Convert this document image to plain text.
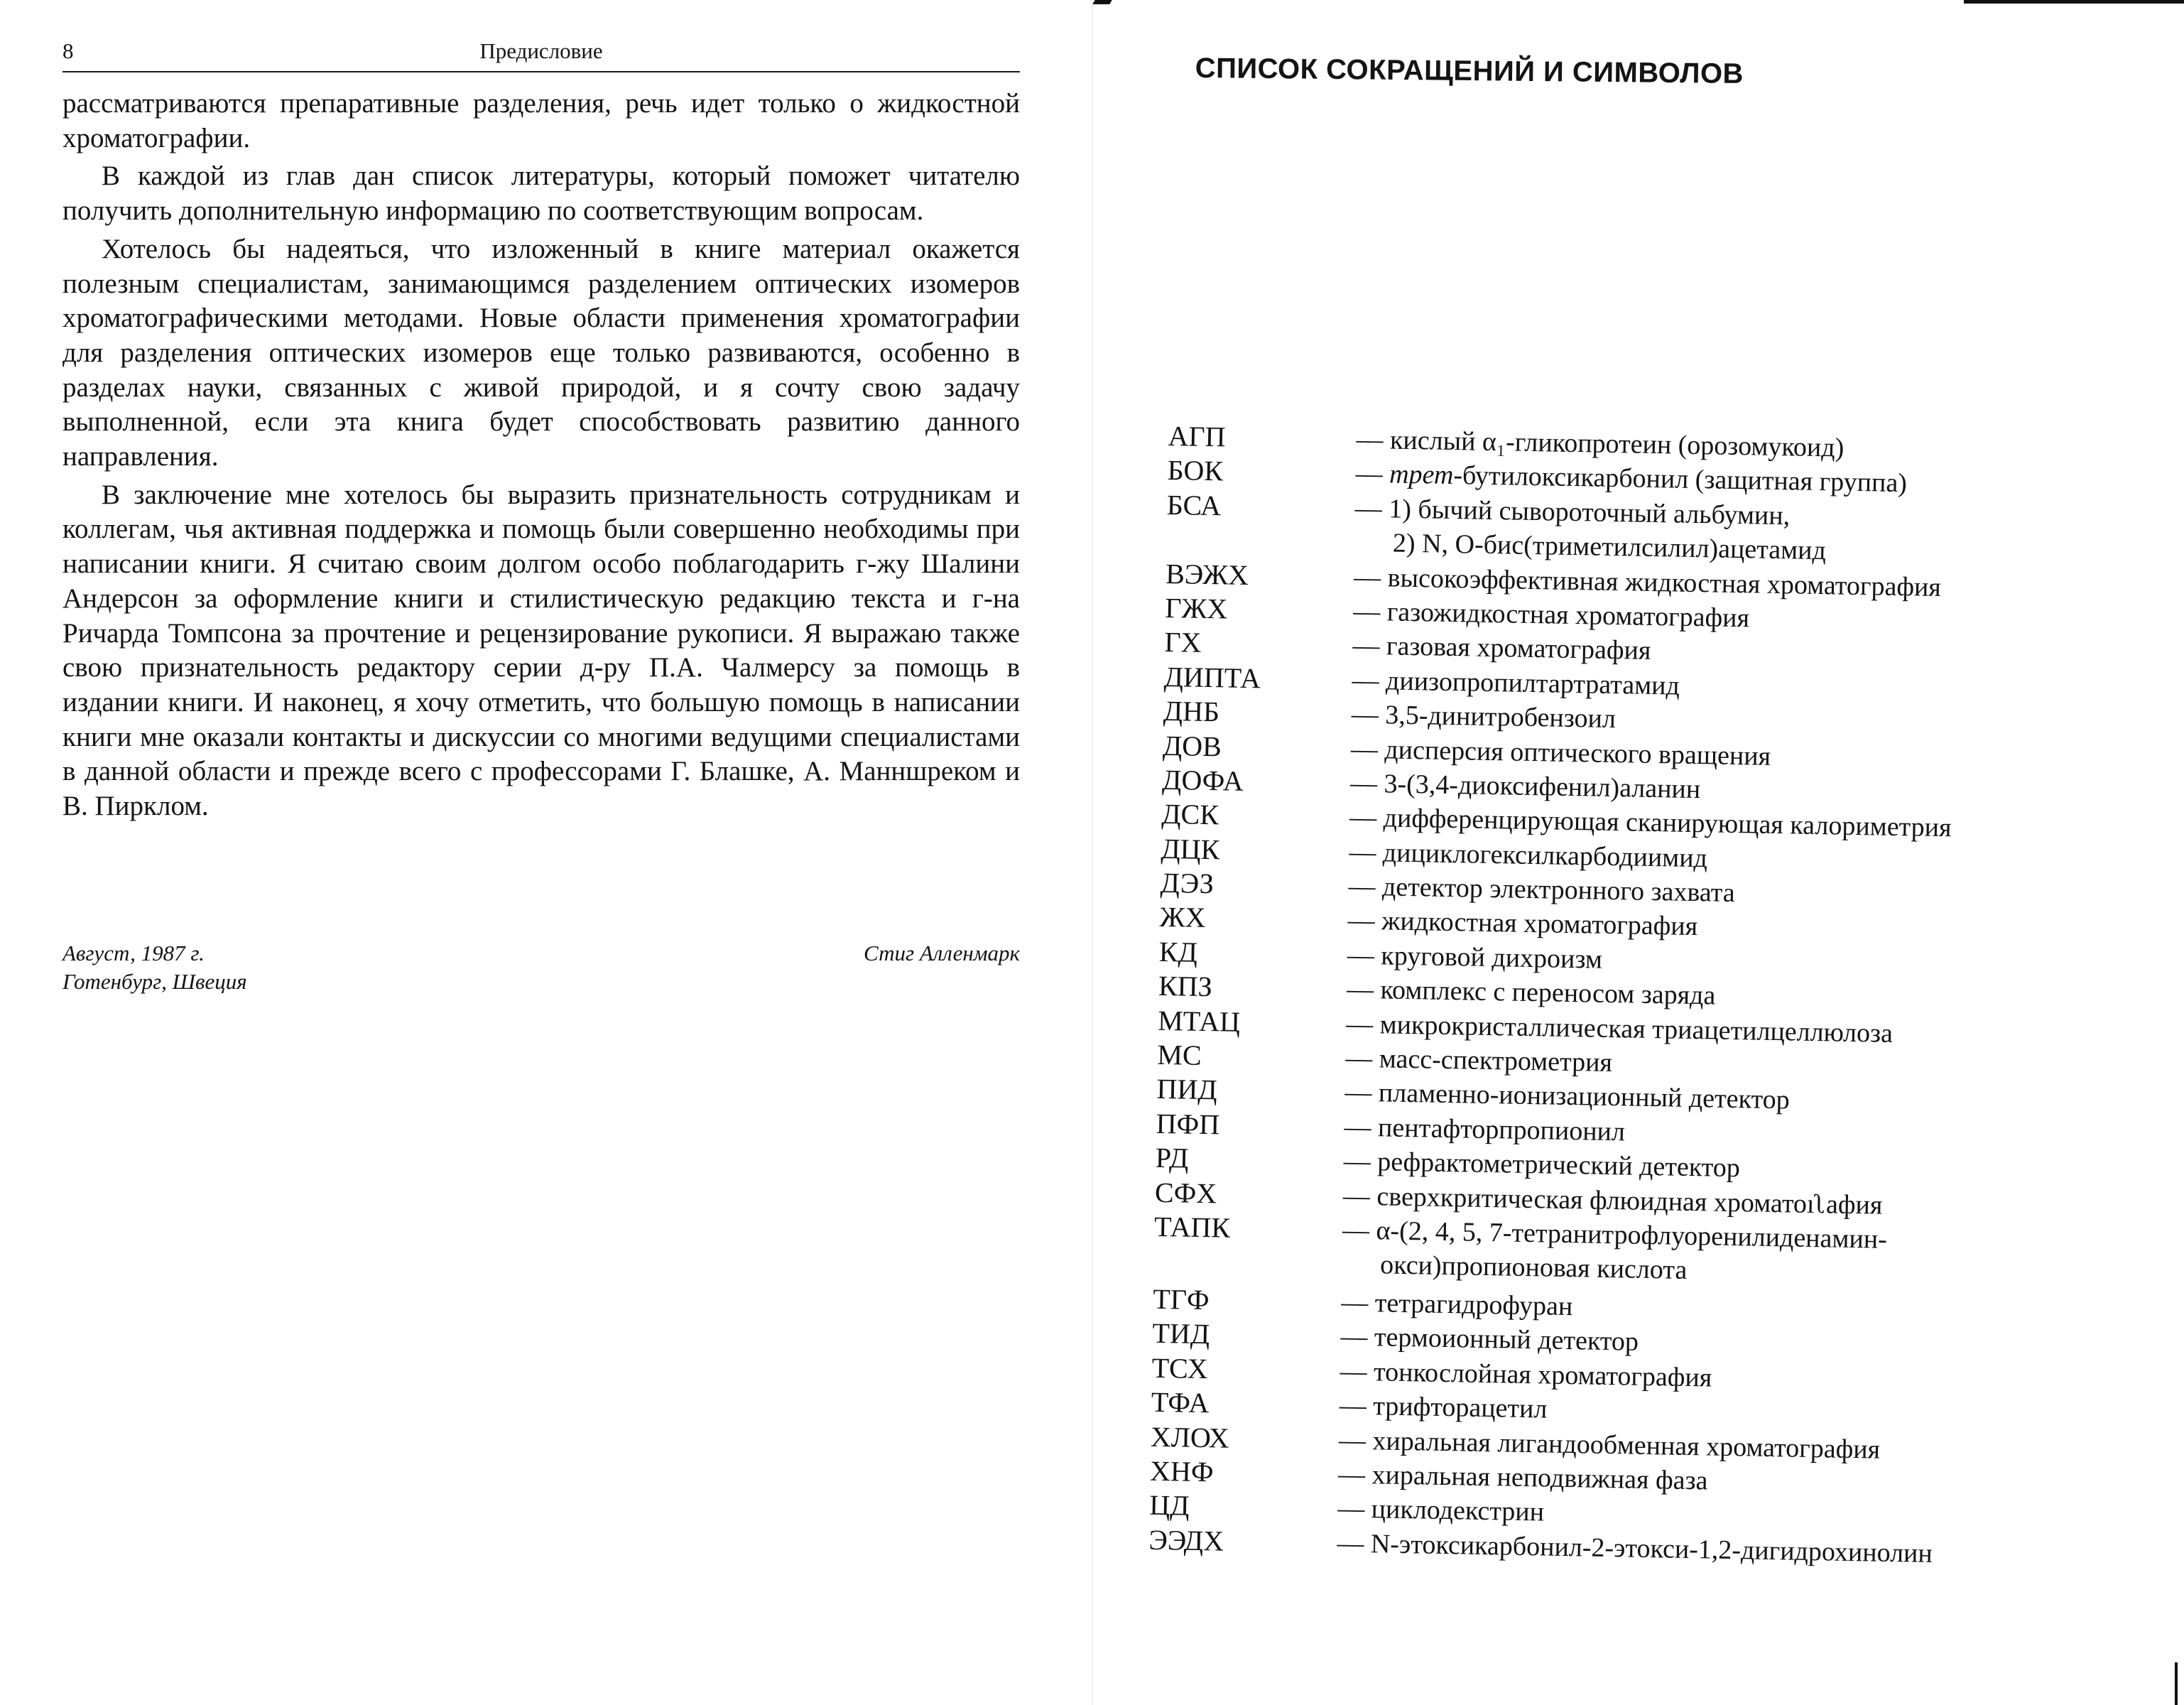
8	Предисловие

рассматриваются препаративные разделения, речь идет только о жидкостной хроматографии.

В каждой из глав дан список литературы, который поможет читателю получить дополнительную информацию по соответствующим вопросам.

Хотелось бы надеяться, что изложенный в книге материал окажется полезным специалистам, занимающимся разделением оптических изомеров хроматографическими методами. Новые области применения хроматографии для разделения оптических изомеров еще только развиваются, особенно в разделах науки, связанных с живой природой, и я сочту свою задачу выполненной, если эта книга будет способствовать развитию данного направления.

В заключение мне хотелось бы выразить признательность сотрудникам и коллегам, чья активная поддержка и помощь были совершенно необходимы при написании книги. Я считаю своим долгом особо поблагодарить г-жу Шалини Андерсон за оформление книги и стилистическую редакцию текста и г-на Ричарда Томпсона за прочтение и рецензирование рукописи. Я выражаю также свою признательность редактору серии д-ру П.А. Чалмерсу за помощь в издании книги. И наконец, я хочу отметить, что большую помощь в написании книги мне оказали контакты и дискуссии со многими ведущими специалистами в данной области и прежде всего с профессорами Г. Блашке, А. Манншреком и В. Пирклом.

Август, 1987 г.
Готенбург, Швеция
Стиг Алленмарк
СПИСОК СОКРАЩЕНИЙ И СИМВОЛОВ
АГП	— кислый α₁-гликопротеин (орозомукоид)
БОК	— трет-бутилоксикарбонил (защитная группа)
БСА	— 1) бычий сывороточный альбумин,
2) N, О-бис(триметилсилил)ацетамид
ВЭЖХ	— высокоэффективная жидкостная хроматография
ГЖХ	— газожидкостная хроматография
ГХ	— газовая хроматография
ДИПТА	— диизопропилтартратамид
ДНБ	— 3,5-динитробензоил
ДОВ	— дисперсия оптического вращения
ДОФА	— 3-(3,4-диоксифенил)аланин
ДСК	— дифференцирующая сканирующая калориметрия
ДЦК	— дициклогексилкарбодиимид
ДЭЗ	— детектор электронного захвата
ЖХ	— жидкостная хроматография
КД	— круговой дихроизм
КПЗ	— комплекс с переносом заряда
МТАЦ	— микрокристаллическая триацетилцеллюлоза
МС	— масс-спектрометрия
ПИД	— пламенно-ионизационный детектор
ПФП	— пентафторпропионил
РД	— рефрактометрический детектор
СФХ	— сверхкритическая флюидная хроматоıʅафия
ТАПК	— α-(2, 4, 5, 7-тетранитрофлуоренилиденамин-
окси)пропионовая кислота
ТГФ	— тетрагидрофуран
ТИД	— термоионный детектор
ТСХ	— тонкослойная хроматография
ТФА	— трифторацетил
ХЛОХ	— хиральная лигандообменная хроматография
ХНФ	— хиральная неподвижная фаза
ЦД	— циклодекстрин
ЭЭДХ	— N-этоксикарбонил-2-этокси-1,2-дигидрохинолин
